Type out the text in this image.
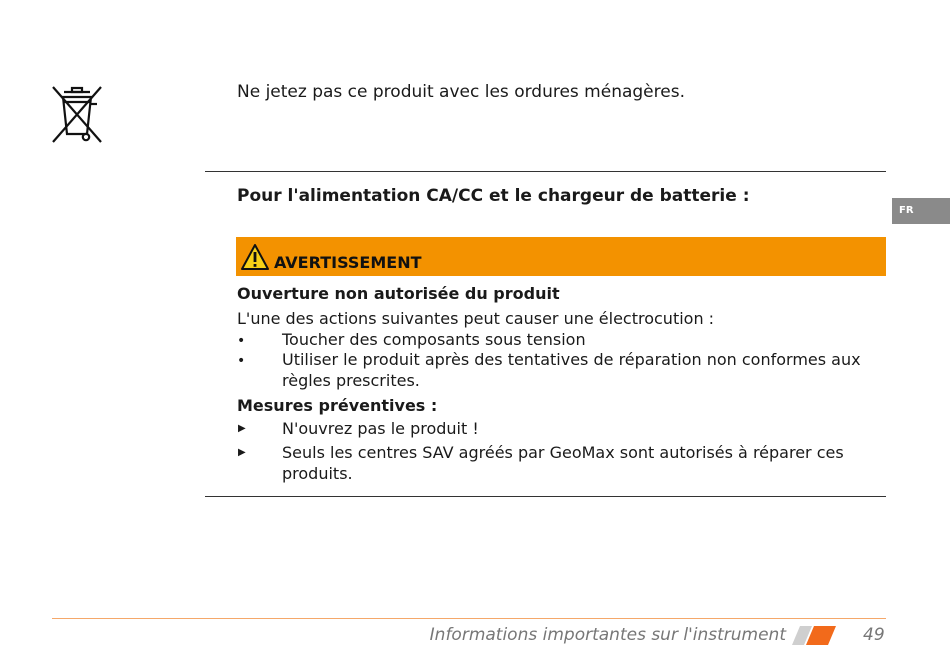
Ne jetez pas ce produit avec les ordures ménagères.
Pour l'alimentation CA/CC et le chargeur de batterie :
FR
AVERTISSEMENT
Ouverture non autorisée du produit
L'une des actions suivantes peut causer une électrocution :
• Toucher des composants sous tension
• Utiliser le produit après des tentatives de réparation non conformes aux règles prescrites.
Mesures préventives :
▶ N'ouvrez pas le produit !
▶ Seuls les centres SAV agréés par GeoMax sont autorisés à réparer ces produits.
Informations importantes sur l'instrument	49
